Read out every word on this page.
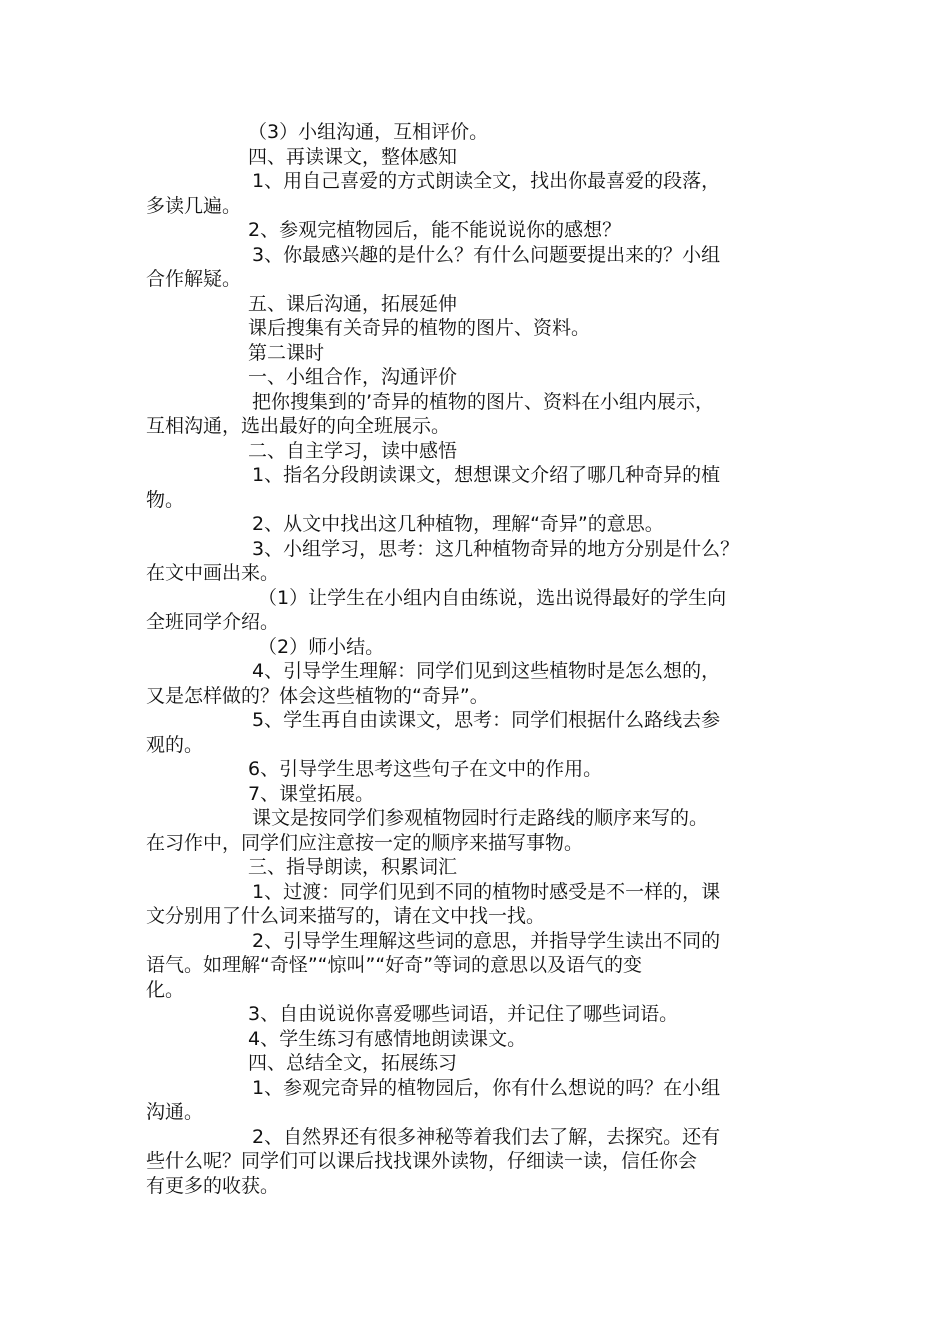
（3）小组沟通，互相评价。
四、再读课文，整体感知
1、用自己喜爱的方式朗读全文，找出你最喜爱的段落，
多读几遍。
2、参观完植物园后，能不能说说你的感想？
3、你最感兴趣的是什么？有什么问题要提出来的？小组
合作解疑。
五、课后沟通，拓展延伸
课后搜集有关奇异的植物的图片、资料。
第二课时
一、小组合作，沟通评价
把你搜集到的’奇异的植物的图片、资料在小组内展示，
互相沟通，选出最好的向全班展示。
二、自主学习，读中感悟
1、指名分段朗读课文，想想课文介绍了哪几种奇异的植
物。
2、从文中找出这几种植物，理解“奇异”的意思。
3、小组学习，思考：这几种植物奇异的地方分别是什么？
在文中画出来。
（1）让学生在小组内自由练说，选出说得最好的学生向
全班同学介绍。
（2）师小结。
4、引导学生理解：同学们见到这些植物时是怎么想的，
又是怎样做的？体会这些植物的“奇异”。
5、学生再自由读课文，思考：同学们根据什么路线去参
观的。
6、引导学生思考这些句子在文中的作用。
7、课堂拓展。
课文是按同学们参观植物园时行走路线的顺序来写的。
在习作中，同学们应注意按一定的顺序来描写事物。
三、指导朗读，积累词汇
1、过渡：同学们见到不同的植物时感受是不一样的，课
文分别用了什么词来描写的，请在文中找一找。
2、引导学生理解这些词的意思，并指导学生读出不同的
语气。如理解“奇怪”“惊叫”“好奇”等词的意思以及语气的变
化。
3、自由说说你喜爱哪些词语，并记住了哪些词语。
4、学生练习有感情地朗读课文。
四、总结全文，拓展练习
1、参观完奇异的植物园后，你有什么想说的吗？在小组
沟通。
2、自然界还有很多神秘等着我们去了解，去探究。还有
些什么呢？同学们可以课后找找课外读物，仔细读一读，信任你会
有更多的收获。
